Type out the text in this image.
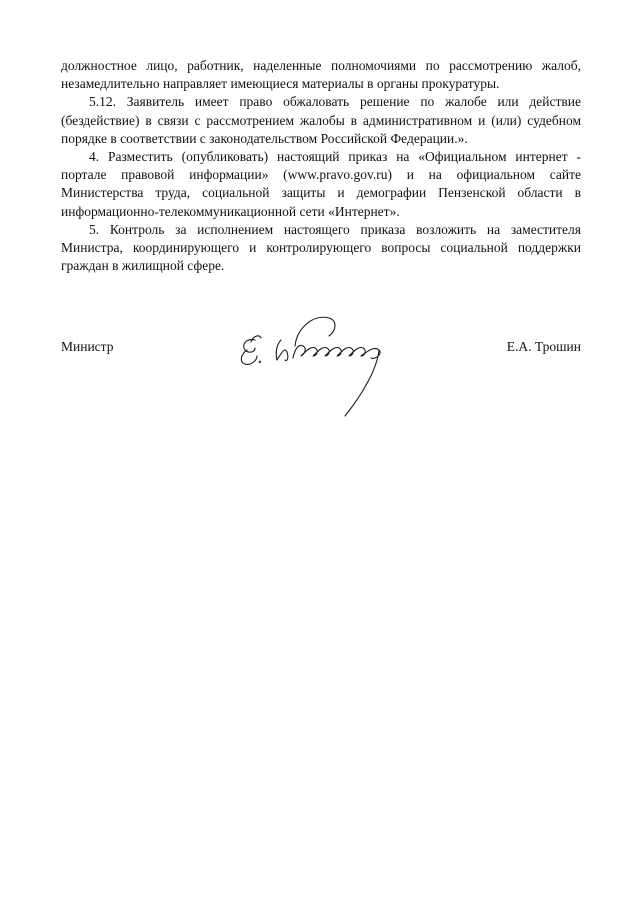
должностное лицо, работник, наделенные полномочиями по рассмотрению жалоб, незамедлительно направляет имеющиеся материалы в органы прокуратуры.

5.12. Заявитель имеет право обжаловать решение по жалобе или действие (бездействие) в связи с рассмотрением жалобы в административном и (или) судебном порядке в соответствии с законодательством Российской Федерации.».

4. Разместить (опубликовать) настоящий приказ на «Официальном интернет - портале правовой информации» (www.pravo.gov.ru) и на официальном сайте Министерства труда, социальной защиты и демографии Пензенской области в информационно-телекоммуникационной сети «Интернет».

5. Контроль за исполнением настоящего приказа возложить на заместителя Министра, координирующего и контролирующего вопросы социальной поддержки граждан в жилищной сфере.

Министр	Е.А. Трошин
